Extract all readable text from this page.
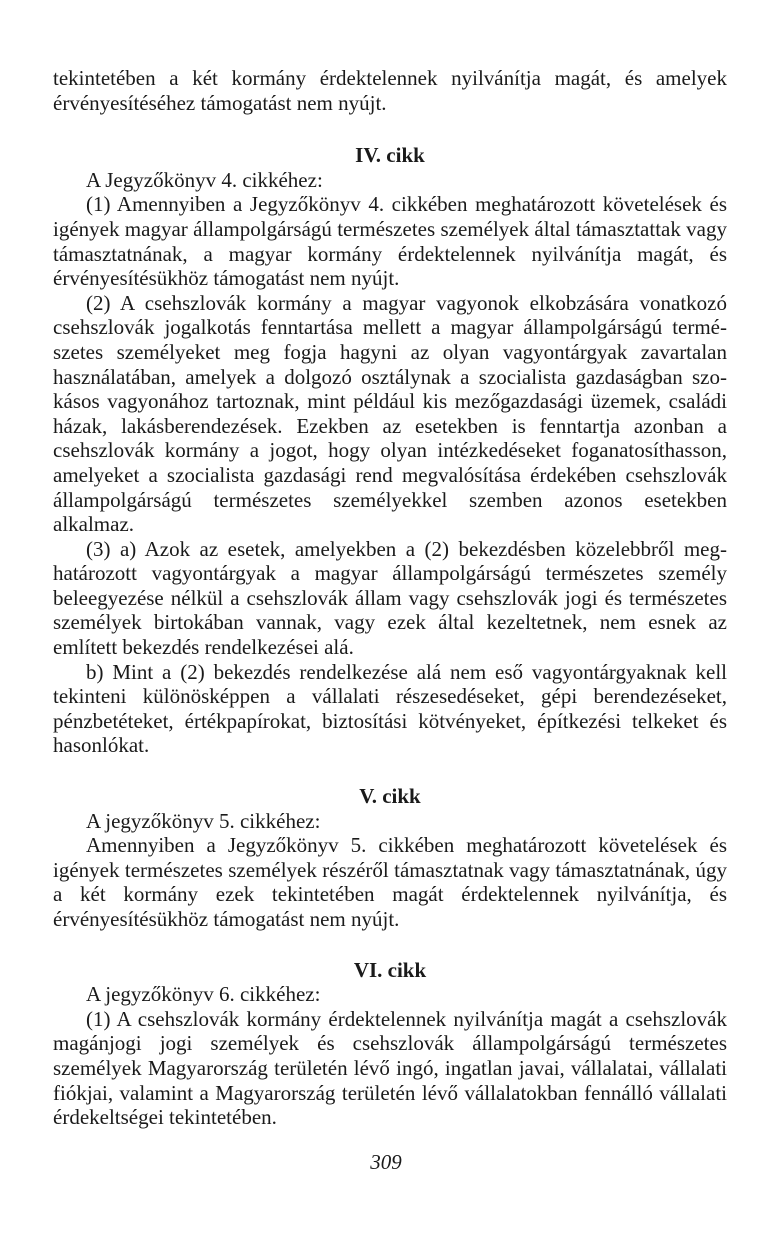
tekintetében a két kormány érdektelennek nyilvánítja magát, és amelyek érvényesítéséhez támogatást nem nyújt.

IV. cikk

A Jegyzőkönyv 4. cikkéhez:

(1) Amennyiben a Jegyzőkönyv 4. cikkében meghatározott követelések és igények magyar állampolgárságú természetes személyek által támasztattak vagy támasztatnának, a magyar kormány érdektelennek nyilvánítja magát, és érvényesítésükhöz támogatást nem nyújt.

(2) A csehszlovák kormány a magyar vagyonok elkobzására vonatkozó csehszlovák jogalkotás fenntartása mellett a magyar állampolgárságú természetes személyeket meg fogja hagyni az olyan vagyontárgyak zavartalan használatában, amelyek a dolgozó osztálynak a szocialista gazdaságban szokásos vagyonához tartoznak, mint például kis mezőgazdasági üzemek, családi házak, lakásberendezések. Ezekben az esetekben is fenntartja azonban a csehszlovák kormány a jogot, hogy olyan intézkedéseket foganatosíthasson, amelyeket a szocialista gazdasági rend megvalósítása érdekében csehszlovák állampolgárságú természetes személyekkel szemben azonos esetekben alkalmaz.

(3) a) Azok az esetek, amelyekben a (2) bekezdésben közelebbről meghatározott vagyontárgyak a magyar állampolgárságú természetes személy beleegyezése nélkül a csehszlovák állam vagy csehszlovák jogi és természetes személyek birtokában vannak, vagy ezek által kezeltetnek, nem esnek az említett bekezdés rendelkezései alá.

b) Mint a (2) bekezdés rendelkezése alá nem eső vagyontárgyaknak kell tekinteni különösképpen a vállalati részesedéseket, gépi berendezéseket, pénzbetéteket, értékpapírokat, biztosítási kötvényeket, építkezési telkeket és hasonlókat.

V. cikk

A jegyzőkönyv 5. cikkéhez:

Amennyiben a Jegyzőkönyv 5. cikkében meghatározott követelések és igények természetes személyek részéről támasztatnak vagy támasztatnának, úgy a két kormány ezek tekintetében magát érdektelennek nyilvánítja, és érvényesítésükhöz támogatást nem nyújt.

VI. cikk

A jegyzőkönyv 6. cikkéhez:

(1) A csehszlovák kormány érdektelennek nyilvánítja magát a csehszlovák magánjogi jogi személyek és csehszlovák állampolgárságú természetes személyek Magyarország területén lévő ingó, ingatlan javai, vállalatai, vállalati fiókjai, valamint a Magyarország területén lévő vállalatokban fennálló vállalati érdekeltségei tekintetében.

309
